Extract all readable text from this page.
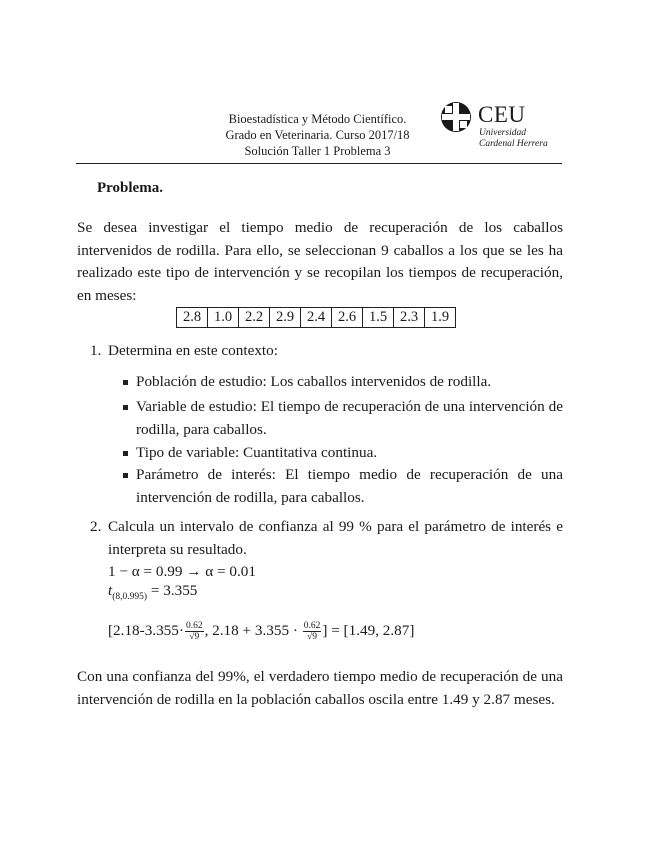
Bioestadística y Método Científico.
Grado en Veterinaria. Curso 2017/18
Solución Taller 1 Problema 3
CEU
Universidad
Cardenal Herrera
Problema.
Se desea investigar el tiempo medio de recuperación de los caballos intervenidos de rodilla. Para ello, se seleccionan 9 caballos a los que se les ha realizado este tipo de intervención y se recopilan los tiempos de recuperación, en meses:
2.8	1.0	2.2	2.9	2.4	2.6	1.5	2.3	1.9
1. Determina en este contexto:
Población de estudio: Los caballos intervenidos de rodilla.
Variable de estudio: El tiempo de recuperación de una intervención de rodilla, para caballos.
Tipo de variable: Cuantitativa continua.
Parámetro de interés: El tiempo medio de recuperación de una intervención de rodilla, para caballos.
2. Calcula un intervalo de confianza al 99 % para el parámetro de interés e interpreta su resultado.
1 − α = 0.99 → α = 0.01
$t_{(8,0.995)} = 3.355$
[$2.18-3.355\cdot \frac{0.62}{√9}$ , $2.18 + 3.355 \cdot \frac{0.62}{√9}$ ] = [1.49, 2.87]
Con una confianza del 99%, el verdadero tiempo medio de recuperación de una intervención de rodilla en la población caballos oscila entre 1.49 y 2.87 meses.
